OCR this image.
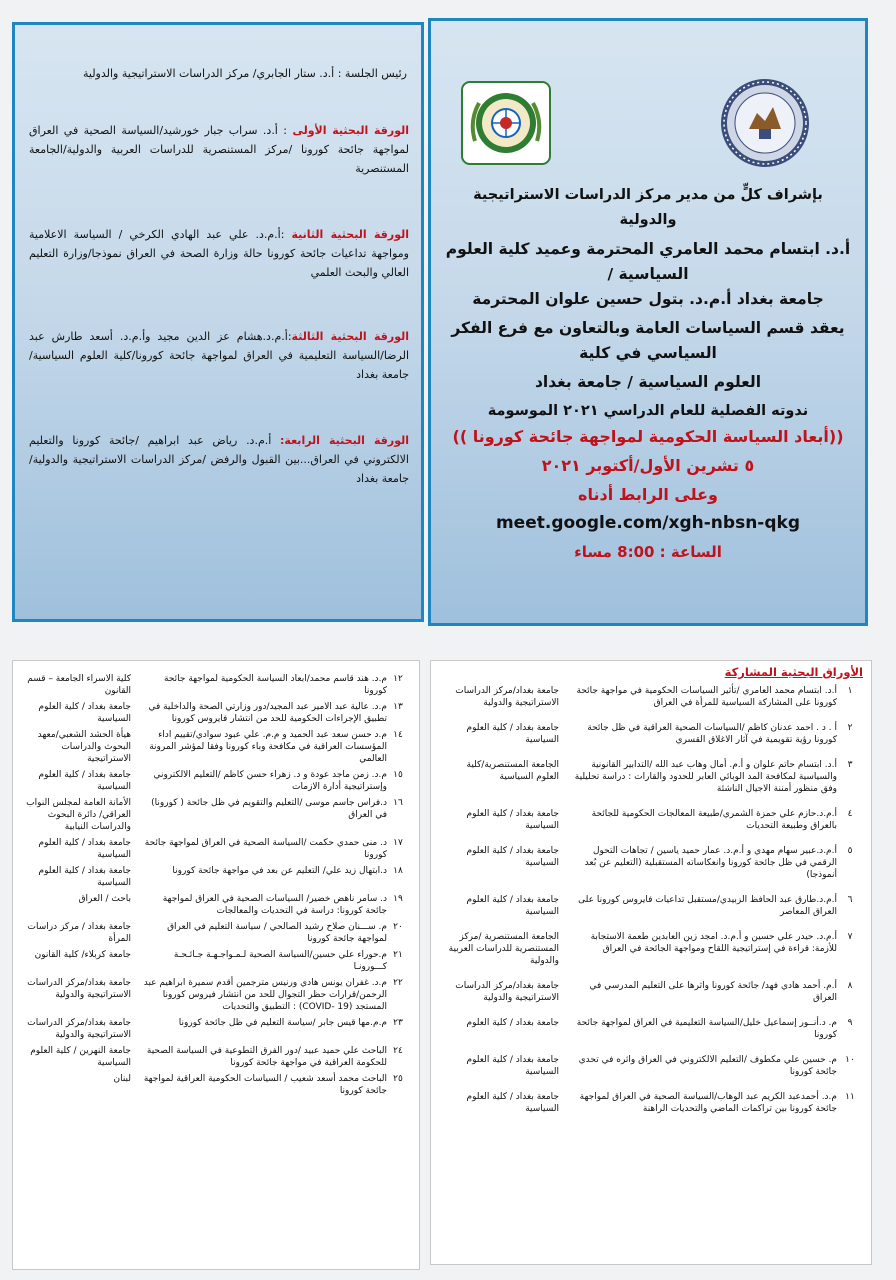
بإشراف كلٍّ من مدير مركز الدراسات الاستراتيجية والدولية

أ.د. ابتسام محمد العامري المحترمة وعميد كلية العلوم السياسية /

جامعة بغداد أ.م.د. بتول حسين علوان المحترمة

يعقد قسم السياسات العامة وبالتعاون مع فرع الفكر السياسي في كلية

العلوم السياسية / جامعة بغداد

ندوته الفصلية للعام الدراسي ٢٠٢١ الموسومة

((أبعاد السياسة الحكومية لمواجهة جائحة كورونا ))

٥ تشرين الأول/أكتوبر ٢٠٢١

وعلى الرابط أدناه

meet.google.com/xgh-nbsn-qkg

الساعة : 8:00 مساء

رئيس الجلسة : أ.د. ستار الجابري/ مركز الدراسات الاستراتيجية والدولية
الورقة البحثية الأولى : أ.د. سراب جبار خورشيد/السياسة الصحية في العراق لمواجهة جائحة كورونا /مركز المستنصرية للدراسات العربية والدولية/الجامعة المستنصرية
الورقة البحثية الثانية :أ.م.د. علي عبد الهادي الكرخي / السياسة الاعلامية ومواجهة تداعيات جائحة كورونا حالة وزارة الصحة في العراق نموذجا/وزارة التعليم العالي والبحث العلمي
الورقة البحثية الثالثة:أ.م.د.هشام عز الدين مجيد وأ.م.د. أسعد طارش عبد الرضا/السياسة التعليمية في العراق لمواجهة جائحة كورونا/كلية العلوم السياسية/جامعة بغداد
الورقة البحثية الرابعة: أ.م.د. رياض عبد ابراهيم /جائحة كورونا والتعليم الالكتروني في العراق...بين القبول والرفض /مركز الدراسات الاستراتيجية والدولية/جامعة بغداد
الأوراق البحثية المشاركة
١	أ.د. ابتسام محمد العامري /تأثير السياسات الحكومية في مواجهة جائحة كورونا على المشاركة السياسية للمرأة في العراق	جامعة بغداد/مركز الدراسات الاستراتيجية والدولية
٢	أ . د . احمد عدنان كاظم /السياسات الصحية العراقية في ظل جائحة كورونا رؤية تقويمية في آثار الاغلاق القسري	جامعة بغداد / كلية العلوم السياسية
٣	أ.د. ابتسام حاتم علوان و أ.م. أمال وهاب عبد الله /التدابير القانونية والسياسية لمكافحة المد الوبائي العابر للحدود والقارات : دراسة تحليلية وفق منظور أمننة الاجيال الناشئة	الجامعة المستنصرية/كلية العلوم السياسية
٤	أ.م.د.حازم علي حمزة الشمري/طبيعة المعالجات الحكومية للجائحة بالعراق وطبيعة التحديات	جامعة بغداد / كلية العلوم السياسية
٥	أ.م.د.عبير سهام مهدي و أ.م.د. عمار حميد ياسين / تجاهات التحول الرقمي في ظل جائحة كورونا وانعكاساته المستقبلية (التعليم عن بُعد أنموذجا)	جامعة بغداد / كلية العلوم السياسية
٦	أ.م.د.طارق عبد الحافظ الزبيدي/مستقبل تداعيات فايروس كورونا على العراق المعاصر	جامعة بغداد / كلية العلوم السياسية
٧	أ.م.د. حيدر علي حسين و أ.م.د. امجد زين العابدين طعمة الاستجابة للأزمة: قراءة في إستراتيجية اللقاح ومواجهة الجائحة في العراق	الجامعة المستنصرية /مركز المستنصرية للدراسات العربية والدولية
٨	أ.م. أحمد هادي فهد/ جائحة كورونا واثرها على التعليم المدرسي في العراق	جامعة بغداد/مركز الدراسات الاستراتيجية والدولية
٩	م. د.أنــور إسماعيل خليل/السياسة التعليمية في العراق لمواجهة جائحة كورونا	جامعة بغداد / كلية العلوم
١٠	م. حسين علي مكطوف /التعليم الالكتروني في العراق واثره في تحدي جائحة كورونا	جامعة بغداد / كلية العلوم السياسية
١١	م.د. أحمدعبد الكريم عبد الوهاب/السياسة الصحية في العراق لمواجهة جائحة كورونا بين تراكمات الماضي والتحديات الراهنة	جامعة بغداد / كلية العلوم السياسية
١٢	م.د. هند قاسم محمد/ابعاد السياسة الحكومية لمواجهة جائحة كورونا	كلية الاسراء الجامعة – قسم القانون
١٣	م.د. عالية عبد الامير عبد المجيد/دور وزارتي الصحة والداخلية في تطبيق الإجراءات الحكومية للحد من انتشار فايروس كورونا	جامعة بغداد / كلية العلوم السياسية
١٤	م.د حسن سعد عبد الحميد و م.م. علي عبود سوادي/تقييم اداء المؤسسات العراقية في مكافحة وباء كورونا وفقا لمؤشر المرونة العالمي	هيأة الحشد الشعبي/معهد البحوث والدراسات الاستراتيجية
١٥	م.د. زمن ماجد عودة و د. زهراء حسن كاظم /التعليم الالكتروني وإستراتيجية أدارة الازمات	جامعة بغداد / كلية العلوم السياسية
١٦	د.فراس جاسم موسى /التعليم والتقويم في ظل جائحة ( كورونا) في العراق	الأمانة العامة لمجلس النواب العراقي/ دائرة البحوث والدراسات النيابية
١٧	د. منى حمدي حكمت /السياسة الصحية في العراق لمواجهة جائحة كورونا	جامعة بغداد / كلية العلوم السياسية
١٨	د.ابتهال زيد علي/ التعليم عن بعد في مواجهة جائحة كورونا	جامعة بغداد / كلية العلوم السياسية
١٩	د. سامر ناهض خضير/ السياسات الصحية في العراق لمواجهة جائحة كورونا: دراسة في التحديات والمعالجات	باحث / العراق
٢٠	م. ســـنان صلاح رشيد الصالحي / سياسة التعليم في العراق لمواجهة جائحة كورونا	جامعة بغداد / مركز دراسات المرأة
٢١	م.حوراء علي حسين/السياسة الصحية لـمـواجـهـة جـائـحـة كـــورونـا	جامعة كربلاء/ كلية القانون
٢٢	م.د. غفران يونس هادي ورنيس مترجمين أقدم سميرة ابراهيم عبد الرحمن/قرارات حظر التجوال للحد من انتشار فيروس كورونا المستجد (COVID- 19) : التطبيق والتحديات	جامعة بغداد/مركز الدراسات الاستراتيجية والدولية
٢٣	م.م.مها قيس جابر /سياسة التعليم في ظل جائحة كورونا	جامعة بغداد/مركز الدراسات الاستراتيجية والدولية
٢٤	الباحث علي حميد عبيد /دور الفرق التطوعية في السياسة الصحية للحكومة العراقية في مواجهة جائحة كورونا	جامعة النهرين / كلية العلوم السياسية
٢٥	الباحث محمد أسعد شعيب / السياسات الحكومية العراقية لمواجهة جائحة كورونا	لبنان
